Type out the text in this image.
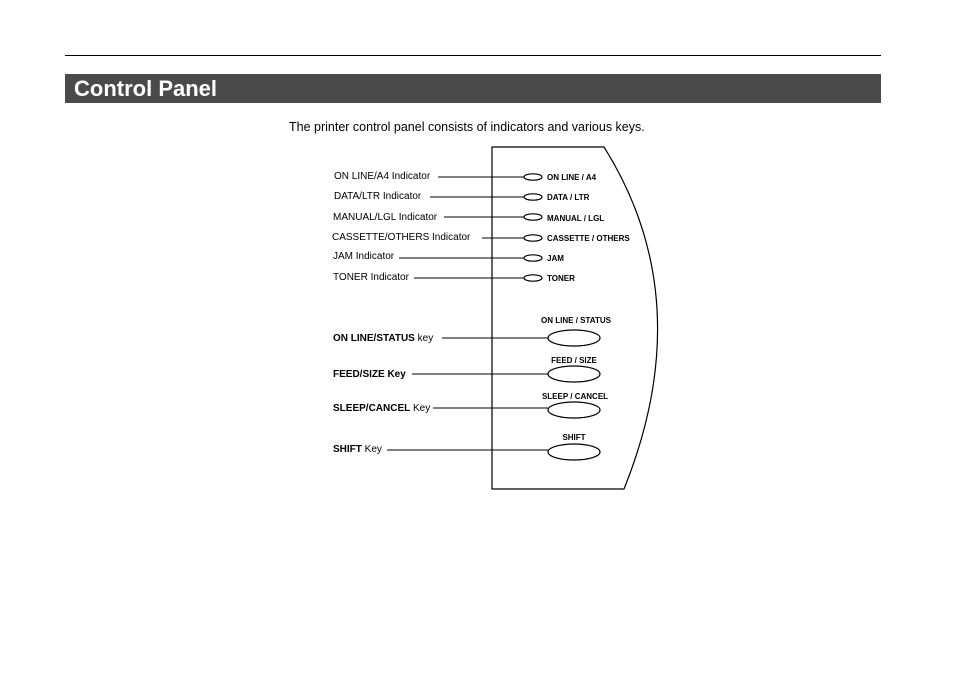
Control Panel
The printer control panel consists of indicators and various keys.
ON LINE/A4 Indicator	ON LINE / A4
DATA/LTR Indicator	DATA / LTR
MANUAL/LGL Indicator	MANUAL / LGL
CASSETTE/OTHERS Indicator	CASSETTE / OTHERS
JAM Indicator	JAM
TONER Indicator	TONER
ON LINE/STATUS key
ON LINE / STATUS
FEED/SIZE Key
FEED / SIZE
SLEEP/CANCEL Key
SLEEP / CANCEL
SHIFT Key
SHIFT
